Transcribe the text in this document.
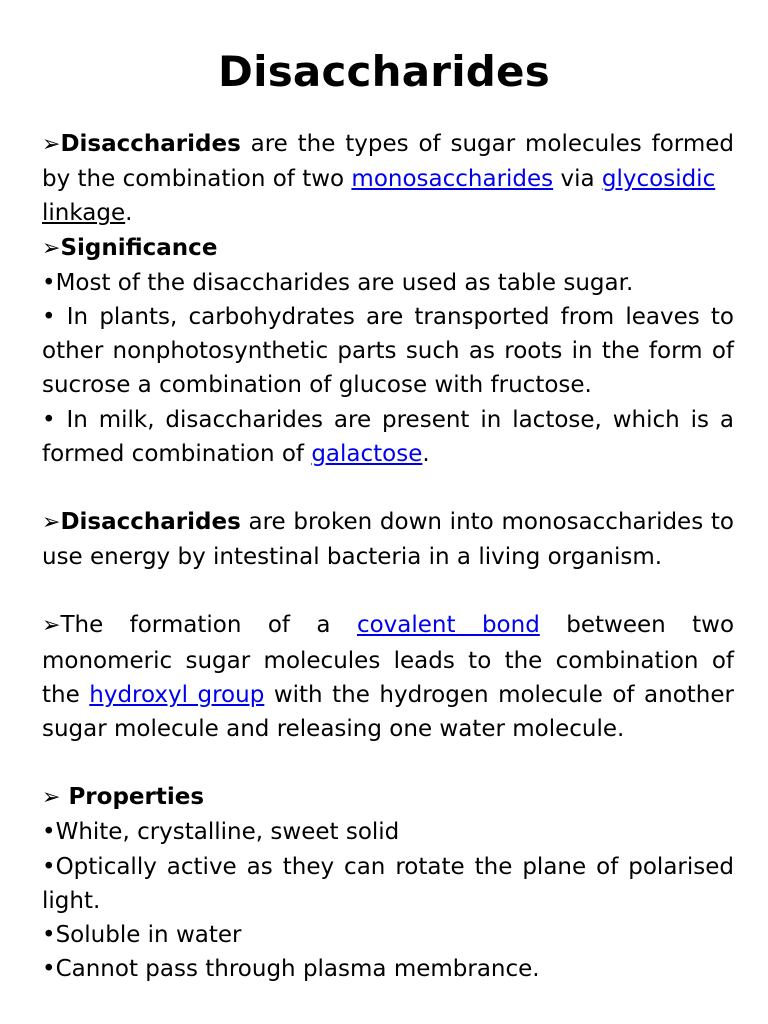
Disaccharides

➢Disaccharides are the types of sugar molecules formed by the combination of two monosaccharides via glycosidic
linkage.

➢Significance

•Most of the disaccharides are used as table sugar.

• In plants, carbohydrates are transported from leaves to other nonphotosynthetic parts such as roots in the form of sucrose a combination of glucose with fructose.

• In milk, disaccharides are present in lactose, which is a formed combination of galactose.

➢Disaccharides are broken down into monosaccharides to use energy by intestinal bacteria in a living organism.

➢The formation of a covalent bond between two monomeric sugar molecules leads to the combination of the hydroxyl group with the hydrogen molecule of another sugar molecule and releasing one water molecule.

➢ Properties

•White, crystalline, sweet solid

•Optically active as they can rotate the plane of polarised light.

•Soluble in water

•Cannot pass through plasma membrance.
